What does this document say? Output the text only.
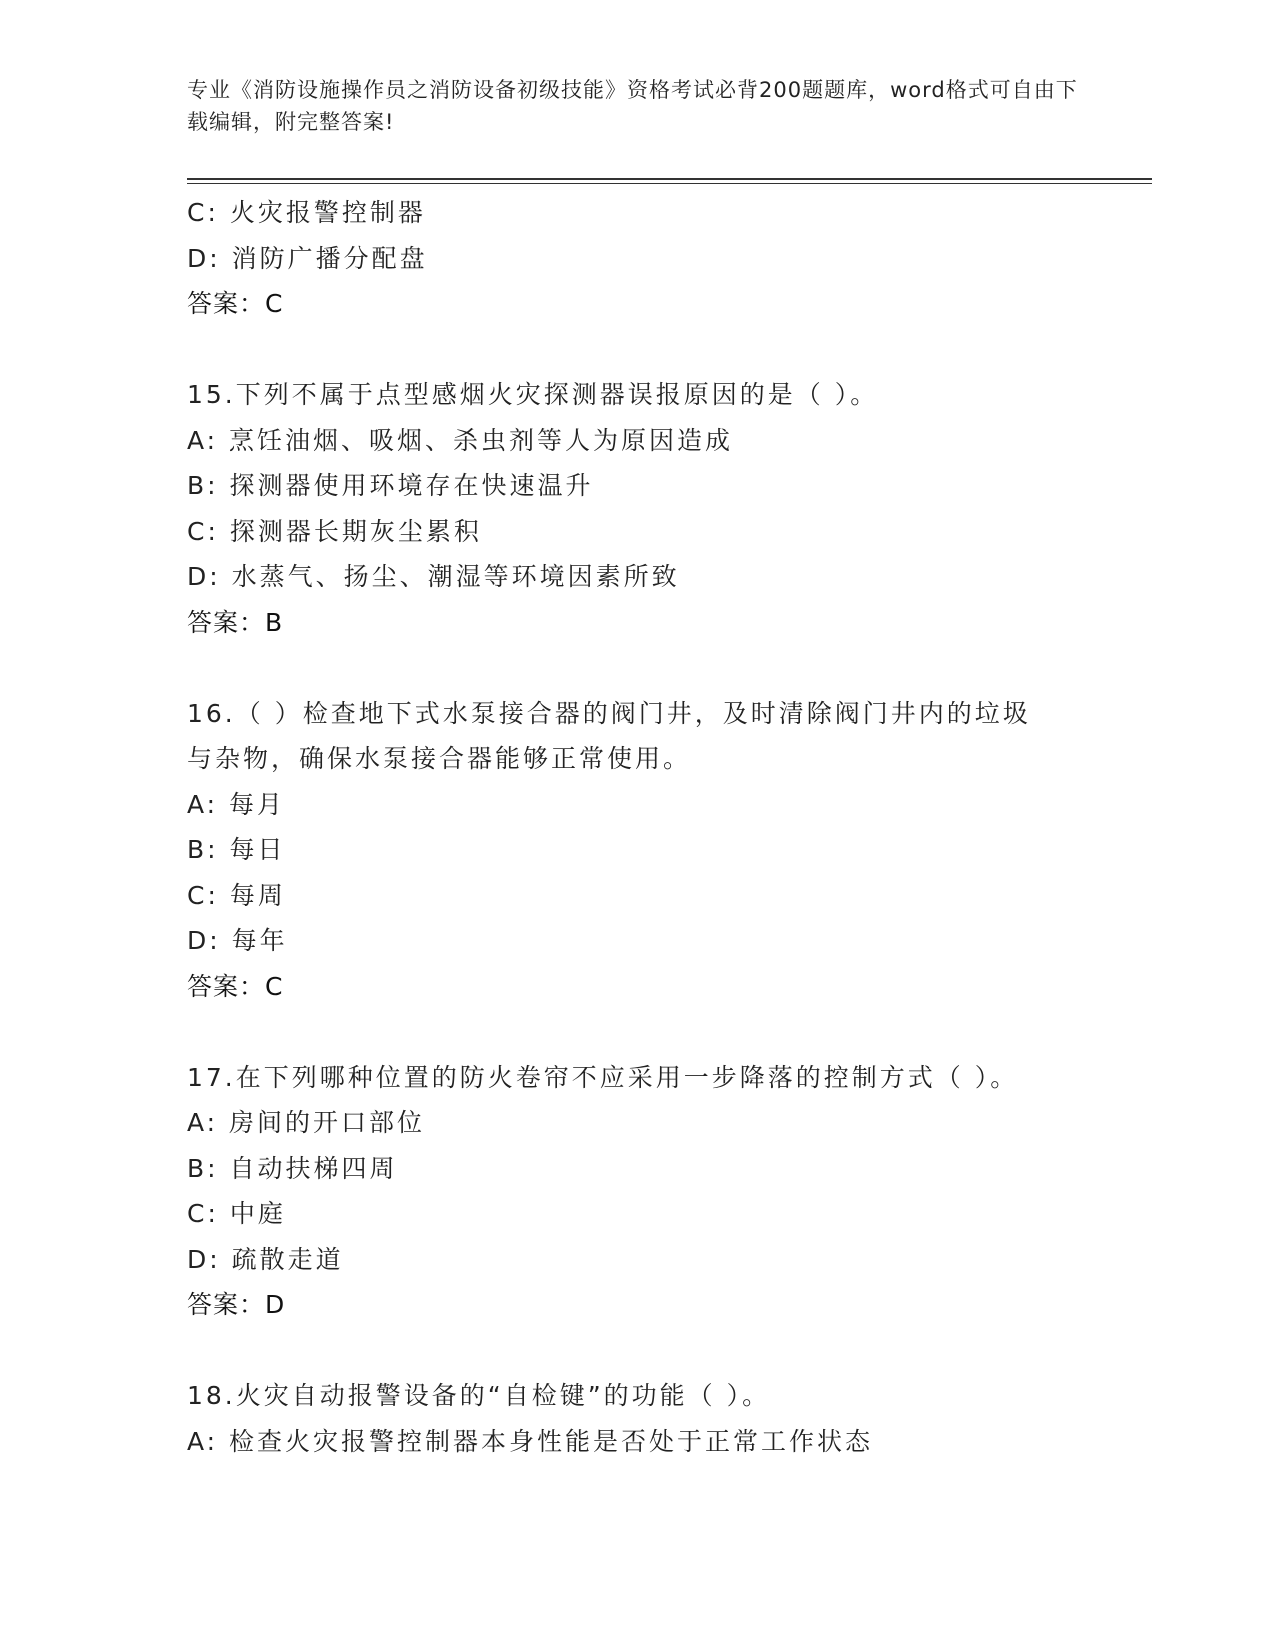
专业《消防设施操作员之消防设备初级技能》资格考试必背200题题库，word格式可自由下载编辑，附完整答案!
C: 火灾报警控制器
D: 消防广播分配盘
答案：C
15.下列不属于点型感烟火灾探测器误报原因的是（ ）。
A: 烹饪油烟、吸烟、杀虫剂等人为原因造成
B: 探测器使用环境存在快速温升
C: 探测器长期灰尘累积
D: 水蒸气、扬尘、潮湿等环境因素所致
答案：B
16.（ ）检查地下式水泵接合器的阀门井，及时清除阀门井内的垃圾
与杂物，确保水泵接合器能够正常使用。
A: 每月
B: 每日
C: 每周
D: 每年
答案：C
17.在下列哪种位置的防火卷帘不应采用一步降落的控制方式（ ）。
A: 房间的开口部位
B: 自动扶梯四周
C: 中庭
D: 疏散走道
答案：D
18.火灾自动报警设备的“自检键”的功能（ ）。
A: 检查火灾报警控制器本身性能是否处于正常工作状态
